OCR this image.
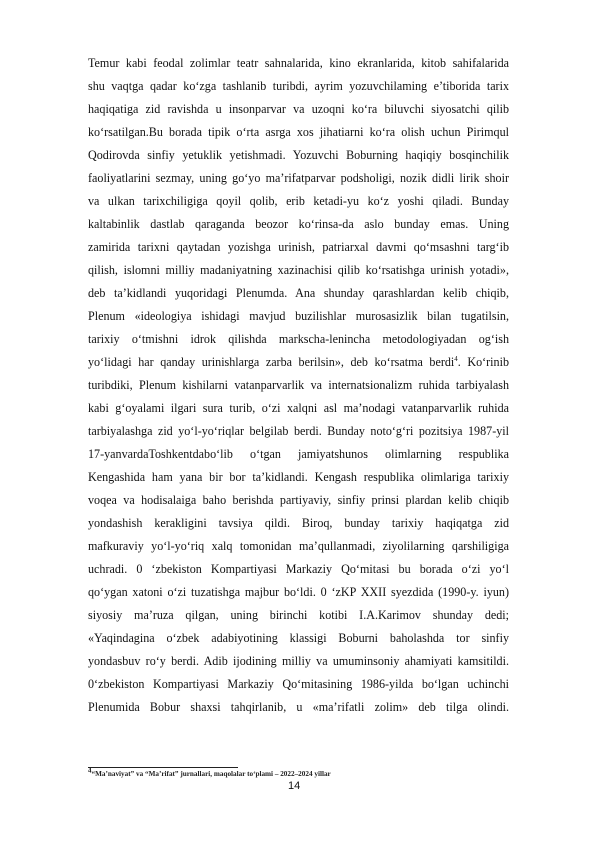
Temur kabi feodal zolimlar teatr sahnalarida, kino ekranlarida, kitob sahifalarida
shu vaqtga qadar ko‘zga tashlanib turibdi, ayrim yozuvchilaming e’tiborida tarix
haqiqatiga zid ravishda u insonparvar va uzoqni ko‘ra biluvchi siyosatchi qilib
ko‘rsatilgan.Bu borada tipik o‘rta asrga xos jihatiarni ko‘ra olish uchun Pirimqul
Qodirovda sinfiy yetuklik yetishmadi. Yozuvchi Boburning haqiqiy bosqinchilik
faoliyatlarini sezmay, uning go‘yo ma’rifatparvar podsholigi, nozik didli lirik shoir
va ulkan tarixchiligiga qoyil qolib, erib ketadi-yu ko‘z yoshi qiladi. Bunday
kaltabinlik dastlab qaraganda beozor ko‘rinsa-da aslo bunday emas. Uning
zamirida tarixni qaytadan yozishga urinish, patriarxal davmi qo‘msashni targ‘ib
qilish, islomni milliy madaniyatning xazinachisi qilib ko‘rsatishga urinish yotadi»,
deb ta’kidlandi yuqoridagi Plenumda. Ana shunday qarashlardan kelib chiqib,
Plenum «ideologiya ishidagi mavjud buzilishlar murosasizlik bilan tugatilsin,
tarixiy o‘tmishni idrok qilishda markscha-lenincha metodologiyadan og‘ish
yo‘lidagi har qanday urinishlarga zarba berilsin», deb ko‘rsatma berdi$^4$. Ko‘rinib
turibdiki, Plenum kishilarni vatanparvarlik va internatsionalizm ruhida tarbiyalash
kabi g‘oyalami ilgari sura turib, o‘zi xalqni asl ma’nodagi vatanparvarlik ruhida
tarbiyalashga zid yo‘l-yo‘riqlar belgilab berdi. Bunday noto‘g‘ri pozitsiya 1987-yil
17-yanvardaToshkentdabo‘lib o‘tgan jamiyatshunos olimlarning respublika
Kengashida ham yana bir bor ta’kidlandi. Kengash respublika olimlariga tarixiy
voqea va hodisalaiga baho berishda partiyaviy, sinfiy prinsi plardan kelib chiqib
yondashish kerakligini tavsiya qildi. Biroq, bunday tarixiy haqiqatga zid
mafkuraviy yo‘l-yo‘riq xalq tomonidan ma’qullanmadi, ziyolilarning qarshiligiga
uchradi. 0 ‘zbekiston Kompartiyasi Markaziy Qo‘mitasi bu borada o‘zi yo‘l
qo‘ygan xatoni o‘zi tuzatishga majbur bo‘ldi. 0 ‘zKP XXII syezdida (1990-y. iyun)
siyosiy ma’ruza qilgan, uning birinchi kotibi I.A.Karimov shunday dedi;
«Yaqindagina o‘zbek adabiyotining klassigi Boburni baholashda tor sinfiy
yondasbuv ro‘y berdi. Adib ijodining milliy va umuminsoniy ahamiyati kamsitildi.
0‘zbekiston Kompartiyasi Markaziy Qo‘mitasining 1986-yilda bo‘lgan uchinchi
Plenumida Bobur shaxsi tahqirlanib, u «ma’rifatli zolim» deb tilga olindi.
$^4$“Ma’naviyat” va “Ma’rifat” jurnallari, maqolalar to‘plami – 2022–2024 yillar
14
